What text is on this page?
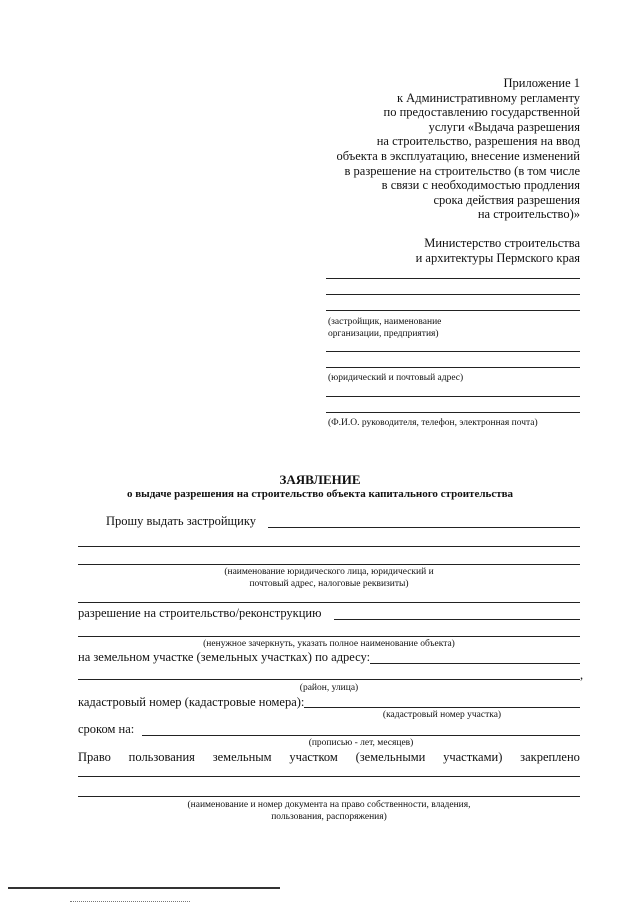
Приложение 1
к Административному регламенту
по предоставлению государственной
услуги «Выдача разрешения
на строительство, разрешения на ввод
объекта в эксплуатацию, внесение изменений
в разрешение на строительство (в том числе
в связи с необходимостью продления
срока действия разрешения
на строительство)»
Министерство строительства
и архитектуры Пермского края
(застройщик, наименование
организации, предприятия)
(юридический и почтовый адрес)
(Ф.И.О. руководителя, телефон, электронная почта)
ЗАЯВЛЕНИЕ
о выдаче разрешения на строительство объекта капитального строительства
Прошу выдать застройщику
(наименование юридического лица, юридический и
почтовый адрес, налоговые реквизиты)
разрешение на строительство/реконструкцию
(ненужное зачеркнуть, указать полное наименование объекта)
на земельном участке (земельных участках) по адресу:
,
(район, улица)
кадастровый номер (кадастровые номера):
(кадастровый номер участка)
сроком на:
(прописью - лет, месяцев)
Право пользования земельным участком (земельными участками) закреплено
(наименование и номер документа на право собственности, владения,
пользования, распоряжения)
